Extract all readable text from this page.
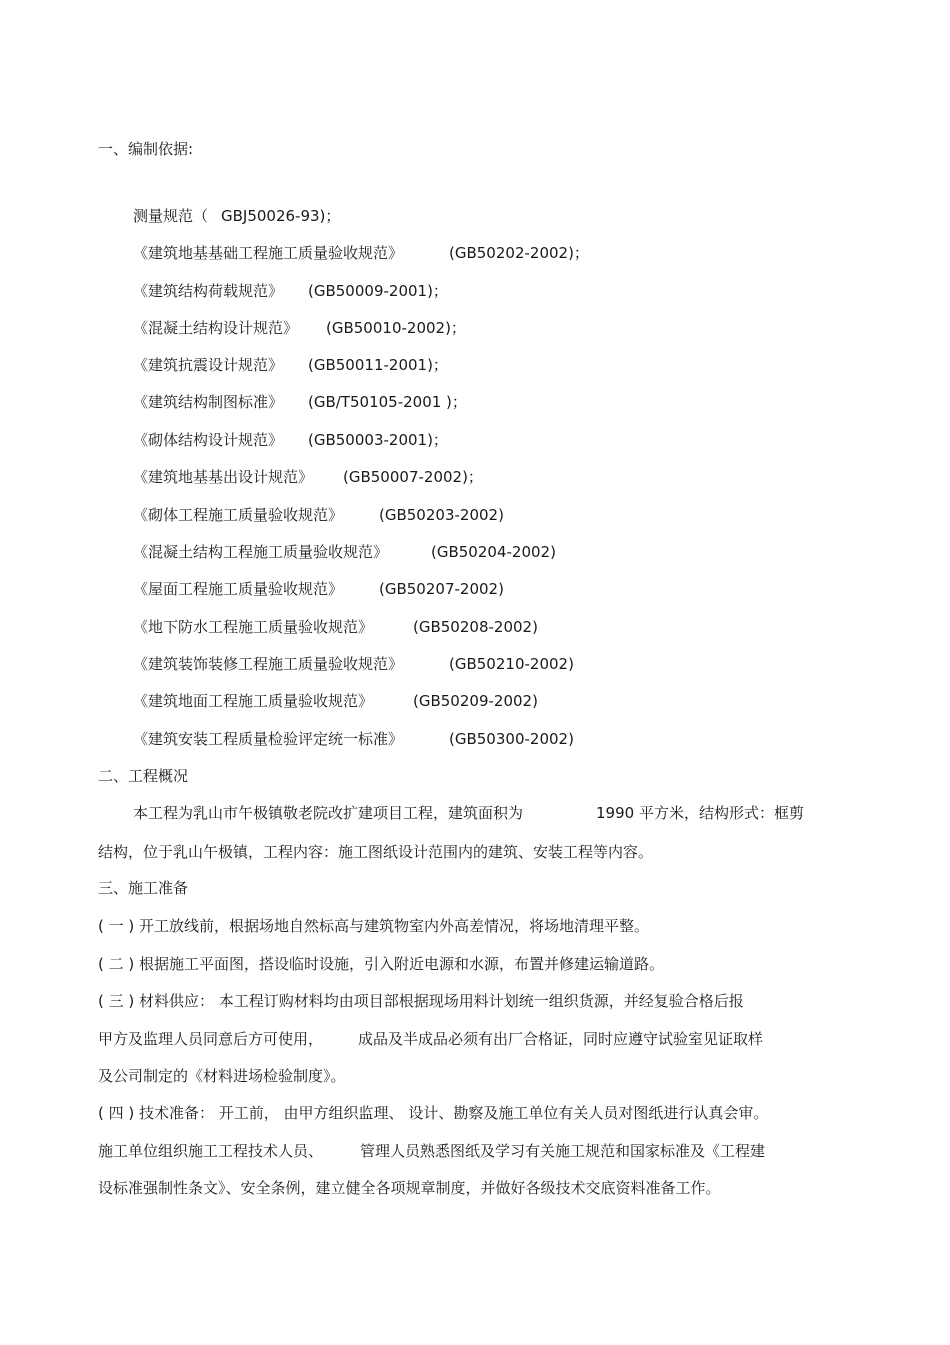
一、编制依据:
测量规范（ GBJ50026-93)；
《建筑地基基础工程施工质量验收规范》	(GB50202-2002)；
《建筑结构荷载规范》 (GB50009-2001)；
《混凝土结构设计规范》 (GB50010-2002)；
《建筑抗震设计规范》 (GB50011-2001)；
《建筑结构制图标准》 (GB/T50105-2001 )；
《砌体结构设计规范》 (GB50003-2001)；
《建筑地基基出设计规范》 (GB50007-2002)；
《砌体工程施工质量验收规范》 (GB50203-2002)
《混凝土结构工程施工质量验收规范》	(GB50204-2002)
《屋面工程施工质量验收规范》 (GB50207-2002)
《地下防水工程施工质量验收规范》	(GB50208-2002)
《建筑装饰装修工程施工质量验收规范》	(GB50210-2002)
《建筑地面工程施工质量验收规范》	(GB50209-2002)
《建筑安装工程质量检验评定统一标准》	(GB50300-2002)
二、工程概况
本工程为乳山市午极镇敬老院改扩建项目工程，建筑面积为	1990 平方米，结构形式：框剪
结构，位于乳山午极镇，工程内容：施工图纸设计范围内的建筑、安装工程等内容。
三、施工准备
( 一 ) 开工放线前，根据场地自然标高与建筑物室内外高差情况，将场地清理平整。
( 二 ) 根据施工平面图，搭设临时设施，引入附近电源和水源，布置并修建运输道路。
( 三 ) 材料供应： 本工程订购材料均由项目部根据现场用料计划统一组织货源，并经复验合格后报
甲方及监理人员同意后方可使用， 成品及半成品必须有出厂合格证，同时应遵守试验室见证取样
及公司制定的《材料进场检验制度》。
( 四 ) 技术准备： 开工前， 由甲方组织监理、 设计、勘察及施工单位有关人员对图纸进行认真会审。
施工单位组织施工工程技术人员、 管理人员熟悉图纸及学习有关施工规范和国家标准及《工程建
设标准强制性条文》、安全条例，建立健全各项规章制度，并做好各级技术交底资料准备工作。
